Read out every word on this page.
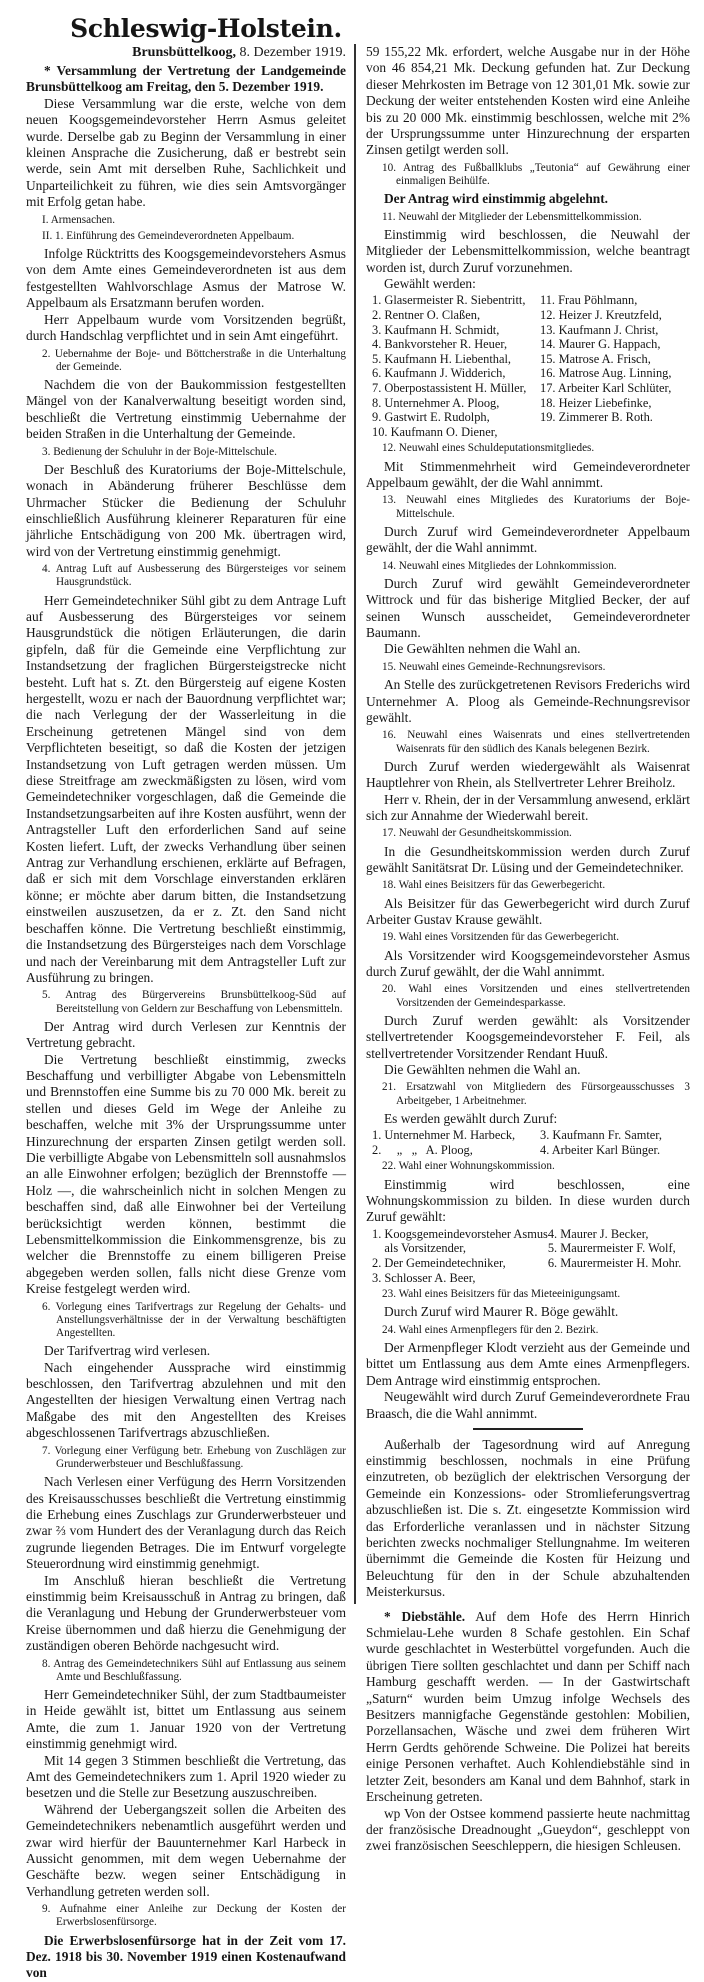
Schleswig-Holstein.
Brunsbüttelkoog, 8. Dezember 1919.

* Versammlung der Vertretung der Landgemeinde Brunsbüttelkoog am Freitag, den 5. Dezember 1919.

Diese Versammlung war die erste, welche von dem neuen Koogsgemeindevorsteher Herrn Asmus geleitet wurde. Derselbe gab zu Beginn der Versammlung in einer kleinen Ansprache die Zusicherung, daß er bestrebt sein werde, sein Amt mit derselben Ruhe, Sachlichkeit und Unparteilichkeit zu führen, wie dies sein Amtsvorgänger mit Erfolg getan habe.

I. Armensachen.
II. 1. Einführung des Gemeindeverordneten Appelbaum.

Infolge Rücktritts des Koogsgemeindevorstehers Asmus von dem Amte eines Gemeindeverordneten ist aus dem festgestellten Wahlvorschlage Asmus der Matrose W. Appelbaum als Ersatzmann berufen worden.

Herr Appelbaum wurde vom Vorsitzenden begrüßt, durch Handschlag verpflichtet und in sein Amt eingeführt.

2. Uebernahme der Boje- und Böttcherstraße in die Unterhaltung der Gemeinde.

Nachdem die von der Baukommission festgestellten Mängel von der Kanalverwaltung beseitigt worden sind, beschließt die Vertretung einstimmig Uebernahme der beiden Straßen in die Unterhaltung der Gemeinde.

3. Bedienung der Schuluhr in der Boje-Mittelschule.

Der Beschluß des Kuratoriums der Boje-Mittelschule, wonach in Abänderung früherer Beschlüsse dem Uhrmacher Stücker die Bedienung der Schuluhr einschließlich Ausführung kleinerer Reparaturen für eine jährliche Entschädigung von 200 Mk. übertragen wird, wird von der Vertretung einstimmig genehmigt.

4. Antrag Luft auf Ausbesserung des Bürgersteiges vor seinem Hausgrundstück.

Herr Gemeindetechniker Sühl gibt zu dem Antrage Luft auf Ausbesserung des Bürgersteiges vor seinem Hausgrundstück die nötigen Erläuterungen, die darin gipfeln, daß für die Gemeinde eine Verpflichtung zur Instandsetzung der fraglichen Bürgersteigstrecke nicht besteht. Luft hat s. Zt. den Bürgersteig auf eigene Kosten hergestellt, wozu er nach der Bauordnung verpflichtet war; die nach Verlegung der der Wasserleitung in die Erscheinung getretenen Mängel sind von dem Verpflichteten beseitigt, so daß die Kosten der jetzigen Instandsetzung von Luft getragen werden müssen. Um diese Streitfrage am zweckmäßigsten zu lösen, wird vom Gemeindetechniker vorgeschlagen, daß die Gemeinde die Instandsetzungsarbeiten auf ihre Kosten ausführt, wenn der Antragsteller Luft den erforderlichen Sand auf seine Kosten liefert. Luft, der zwecks Verhandlung über seinen Antrag zur Verhandlung erschienen, erklärte auf Befragen, daß er sich mit dem Vorschlage einverstanden erklären könne; er möchte aber darum bitten, die Instandsetzung einstweilen auszusetzen, da er z. Zt. den Sand nicht beschaffen könne. Die Vertretung beschließt einstimmig, die Instandsetzung des Bürgersteiges nach dem Vorschlage und nach der Vereinbarung mit dem Antragsteller Luft zur Ausführung zu bringen.

5. Antrag des Bürgervereins Brunsbüttelkoog-Süd auf Bereitstellung von Geldern zur Beschaffung von Lebensmitteln.

Der Antrag wird durch Verlesen zur Kenntnis der Vertretung gebracht.

Die Vertretung beschließt einstimmig, zwecks Beschaffung und verbilligter Abgabe von Lebensmitteln und Brennstoffen eine Summe bis zu 70 000 Mk. bereit zu stellen und dieses Geld im Wege der Anleihe zu beschaffen, welche mit 3% der Ursprungssumme unter Hinzurechnung der ersparten Zinsen getilgt werden soll. Die verbilligte Abgabe von Lebensmitteln soll ausnahmslos an alle Einwohner erfolgen; bezüglich der Brennstoffe — Holz —, die wahrscheinlich nicht in solchen Mengen zu beschaffen sind, daß alle Einwohner bei der Verteilung berücksichtigt werden können, bestimmt die Lebensmittelkommission die Einkommensgrenze, bis zu welcher die Brennstoffe zu einem billigeren Preise abgegeben werden sollen, falls nicht diese Grenze vom Kreise festgelegt werden wird.

6. Vorlegung eines Tarifvertrags zur Regelung der Gehalts- und Anstellungsverhältnisse der in der Verwaltung beschäftigten Angestellten.

Der Tarifvertrag wird verlesen.

Nach eingehender Aussprache wird einstimmig beschlossen, den Tarifvertrag abzulehnen und mit den Angestellten der hiesigen Verwaltung einen Vertrag nach Maßgabe des mit den Angestellten des Kreises abgeschlossenen Tarifvertrags abzuschließen.

7. Vorlegung einer Verfügung betr. Erhebung von Zuschlägen zur Grunderwerbsteuer und Beschlußfassung.

Nach Verlesen einer Verfügung des Herrn Vorsitzenden des Kreisausschusses beschließt die Vertretung einstimmig die Erhebung eines Zuschlags zur Grunderwerbsteuer und zwar ⅔ vom Hundert des der Veranlagung durch das Reich zugrunde liegenden Betrages. Die im Entwurf vorgelegte Steuerordnung wird einstimmig genehmigt.

Im Anschluß hieran beschließt die Vertretung einstimmig beim Kreisausschuß in Antrag zu bringen, daß die Veranlagung und Hebung der Grunderwerbsteuer vom Kreise übernommen und daß hierzu die Genehmigung der zuständigen oberen Behörde nachgesucht wird.

8. Antrag des Gemeindetechnikers Sühl auf Entlassung aus seinem Amte und Beschlußfassung.

Herr Gemeindetechniker Sühl, der zum Stadtbaumeister in Heide gewählt ist, bittet um Entlassung aus seinem Amte, die zum 1. Januar 1920 von der Vertretung einstimmig genehmigt wird.

Mit 14 gegen 3 Stimmen beschließt die Vertretung, das Amt des Gemeindetechnikers zum 1. April 1920 wieder zu besetzen und die Stelle zur Besetzung auszuschreiben.

Während der Uebergangszeit sollen die Arbeiten des Gemeindetechnikers nebenamtlich ausgeführt werden und zwar wird hierfür der Bauunternehmer Karl Harbeck in Aussicht genommen, mit dem wegen Uebernahme der Geschäfte bezw. wegen seiner Entschädigung in Verhandlung getreten werden soll.

9. Aufnahme einer Anleihe zur Deckung der Kosten der Erwerbslosenfürsorge.

Die Erwerbslosenfürsorge hat in der Zeit vom 17. Dez. 1918 bis 30. November 1919 einen Kostenaufwand von

59 155,22 Mk. erfordert, welche Ausgabe nur in der Höhe von 46 854,21 Mk. Deckung gefunden hat. Zur Deckung dieser Mehrkosten im Betrage von 12 301,01 Mk. sowie zur Deckung der weiter entstehenden Kosten wird eine Anleihe bis zu 20 000 Mk. einstimmig beschlossen, welche mit 2% der Ursprungssumme unter Hinzurechnung der ersparten Zinsen getilgt werden soll.

10. Antrag des Fußballklubs „Teutonia“ auf Gewährung einer einmaligen Beihülfe.

Der Antrag wird einstimmig abgelehnt.

11. Neuwahl der Mitglieder der Lebensmittelkommission.

Einstimmig wird beschlossen, die Neuwahl der Mitglieder der Lebensmittelkommission, welche beantragt worden ist, durch Zuruf vorzunehmen.

Gewählt werden:

1. Glasermeister R. Siebentritt,
2. Rentner O. Claßen,
3. Kaufmann H. Schmidt,
4. Bankvorsteher R. Heuer,
5. Kaufmann H. Liebenthal,
6. Kaufmann J. Widderich,
7. Oberpostassistent H. Müller,
8. Unternehmer A. Ploog,
9. Gastwirt E. Rudolph,
10. Kaufmann O. Diener,
11. Frau Pöhlmann,
12. Heizer J. Kreutzfeld,
13. Kaufmann J. Christ,
14. Maurer G. Happach,
15. Matrose A. Frisch,
16. Matrose Aug. Linning,
17. Arbeiter Karl Schlüter,
18. Heizer Liebefinke,
19. Zimmerer B. Roth.
12. Neuwahl eines Schuldeputationsmitgliedes.

Mit Stimmenmehrheit wird Gemeindeverordneter Appelbaum gewählt, der die Wahl annimmt.

13. Neuwahl eines Mitgliedes des Kuratoriums der Boje-Mittelschule.

Durch Zuruf wird Gemeindeverordneter Appelbaum gewählt, der die Wahl annimmt.

14. Neuwahl eines Mitgliedes der Lohnkommission.

Durch Zuruf wird gewählt Gemeindeverordneter Wittrock und für das bisherige Mitglied Becker, der auf seinen Wunsch ausscheidet, Gemeindeverordneter Baumann.

Die Gewählten nehmen die Wahl an.

15. Neuwahl eines Gemeinde-Rechnungsrevisors.

An Stelle des zurückgetretenen Revisors Frederichs wird Unternehmer A. Ploog als Gemeinde-Rechnungsrevisor gewählt.

16. Neuwahl eines Waisenrats und eines stellvertretenden Waisenrats für den südlich des Kanals belegenen Bezirk.

Durch Zuruf werden wiedergewählt als Waisenrat Hauptlehrer von Rhein, als Stellvertreter Lehrer Breiholz.

Herr v. Rhein, der in der Versammlung anwesend, erklärt sich zur Annahme der Wiederwahl bereit.

17. Neuwahl der Gesundheitskommission.

In die Gesundheitskommission werden durch Zuruf gewählt Sanitätsrat Dr. Lüsing und der Gemeindetechniker.

18. Wahl eines Beisitzers für das Gewerbegericht.

Als Beisitzer für das Gewerbegericht wird durch Zuruf Arbeiter Gustav Krause gewählt.

19. Wahl eines Vorsitzenden für das Gewerbegericht.

Als Vorsitzender wird Koogsgemeindevorsteher Asmus durch Zuruf gewählt, der die Wahl annimmt.

20. Wahl eines Vorsitzenden und eines stellvertretenden Vorsitzenden der Gemeindesparkasse.

Durch Zuruf werden gewählt: als Vorsitzender stellvertretender Koogsgemeindevorsteher F. Feil, als stellvertretender Vorsitzender Rendant Huuß.

Die Gewählten nehmen die Wahl an.

21. Ersatzwahl von Mitgliedern des Fürsorgeausschusses 3 Arbeitgeber, 1 Arbeitnehmer.

Es werden gewählt durch Zuruf:

1. Unternehmer M. Harbeck,
2.     „   „   A. Ploog,
3. Kaufmann Fr. Samter,
4. Arbeiter Karl Bünger.
22. Wahl einer Wohnungskommission.

Einstimmig wird beschlossen, eine Wohnungskommission zu bilden. In diese wurden durch Zuruf gewählt:

1. Koogsgemeindevorsteher Asmus
als Vorsitzender,
2. Der Gemeindetechniker,
3. Schlosser A. Beer,
4. Maurer J. Becker,
5. Maurermeister F. Wolf,
6. Maurermeister H. Mohr.
23. Wahl eines Beisitzers für das Mieteeinigungsamt.

Durch Zuruf wird Maurer R. Böge gewählt.

24. Wahl eines Armenpflegers für den 2. Bezirk.

Der Armenpfleger Klodt verzieht aus der Gemeinde und bittet um Entlassung aus dem Amte eines Armenpflegers. Dem Antrage wird einstimmig entsprochen.

Neugewählt wird durch Zuruf Gemeindeverordnete Frau Braasch, die die Wahl annimmt.

Außerhalb der Tagesordnung wird auf Anregung einstimmig beschlossen, nochmals in eine Prüfung einzutreten, ob bezüglich der elektrischen Versorgung der Gemeinde ein Konzessions- oder Stromlieferungsvertrag abzuschließen ist. Die s. Zt. eingesetzte Kommission wird das Erforderliche veranlassen und in nächster Sitzung berichten zwecks nochmaliger Stellungnahme. Im weiteren übernimmt die Gemeinde die Kosten für Heizung und Beleuchtung für den in der Schule abzuhaltenden Meisterkursus.

* Diebstähle. Auf dem Hofe des Herrn Hinrich Schmielau-Lehe wurden 8 Schafe gestohlen. Ein Schaf wurde geschlachtet in Westerbüttel vorgefunden. Auch die übrigen Tiere sollten geschlachtet und dann per Schiff nach Hamburg geschafft werden. — In der Gastwirtschaft „Saturn“ wurden beim Umzug infolge Wechsels des Besitzers mannigfache Gegenstände gestohlen: Mobilien, Porzellansachen, Wäsche und zwei dem früheren Wirt Herrn Gerdts gehörende Schweine. Die Polizei hat bereits einige Personen verhaftet. Auch Kohlendiebstähle sind in letzter Zeit, besonders am Kanal und dem Bahnhof, stark in Erscheinung getreten.

wp Von der Ostsee kommend passierte heute nachmittag der französische Dreadnought „Gueydon“, geschleppt von zwei französischen Seeschleppern, die hiesigen Schleusen.
